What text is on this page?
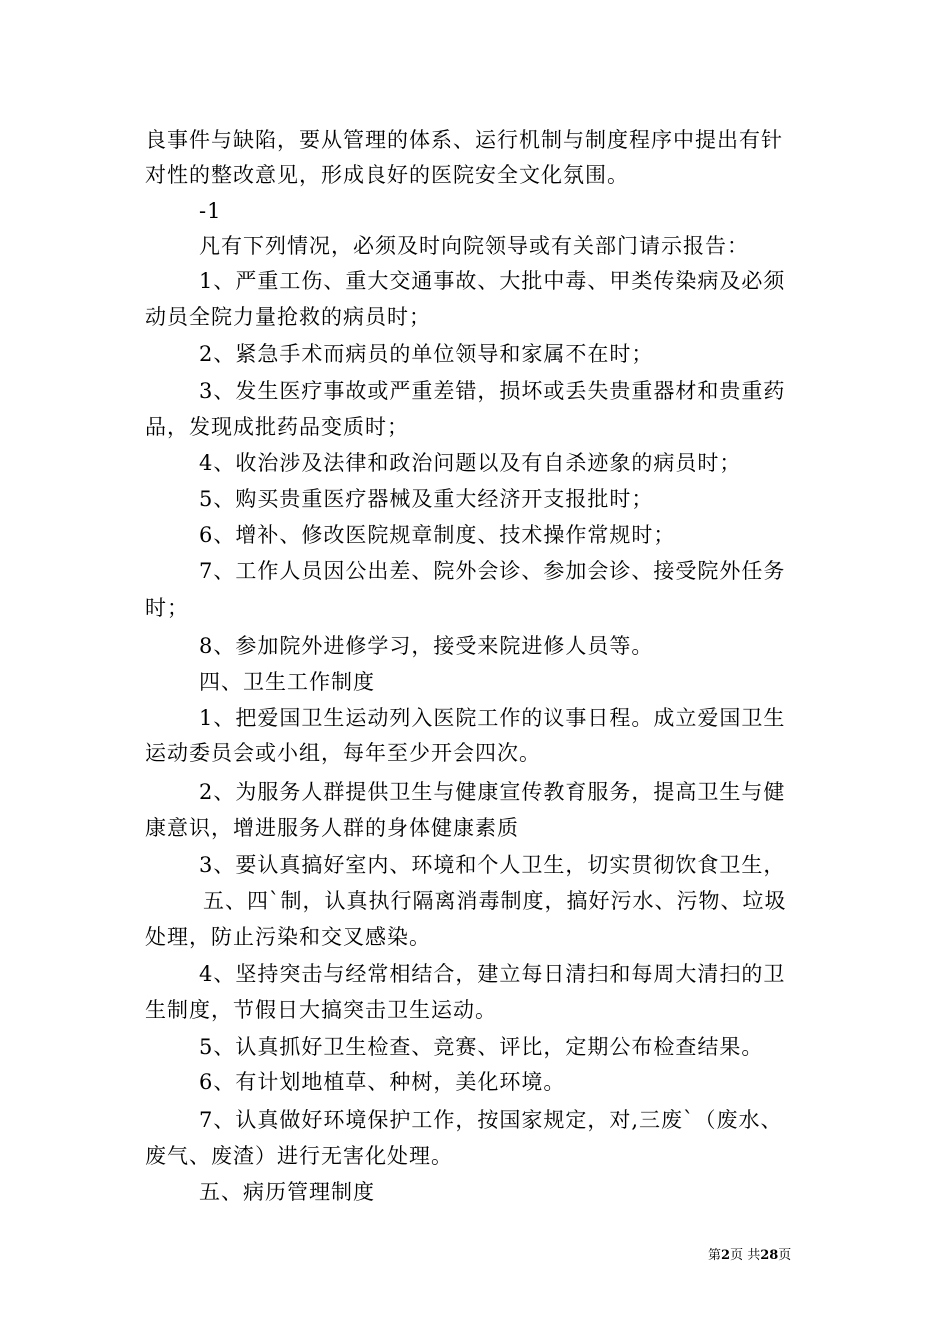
良事件与缺陷，要从管理的体系、运行机制与制度程序中提出有针
对性的整改意见，形成良好的医院安全文化氛围。
-1
凡有下列情况，必须及时向院领导或有关部门请示报告：
1、严重工伤、重大交通事故、大批中毒、甲类传染病及必须
动员全院力量抢救的病员时；
2、紧急手术而病员的单位领导和家属不在时；
3、发生医疗事故或严重差错，损坏或丢失贵重器材和贵重药
品，发现成批药品变质时；
4、收治涉及法律和政治问题以及有自杀迹象的病员时；
5、购买贵重医疗器械及重大经济开支报批时；
6、增补、修改医院规章制度、技术操作常规时；
7、工作人员因公出差、院外会诊、参加会诊、接受院外任务
时；
8、参加院外进修学习，接受来院进修人员等。
四、卫生工作制度
1、把爱国卫生运动列入医院工作的议事日程。成立爱国卫生
运动委员会或小组，每年至少开会四次。
2、为服务人群提供卫生与健康宣传教育服务，提高卫生与健
康意识，增进服务人群的身体健康素质
3、要认真搞好室内、环境和个人卫生，切实贯彻饮食卫生，
五、四`制，认真执行隔离消毒制度，搞好污水、污物、垃圾
处理，防止污染和交叉感染。
4、坚持突击与经常相结合，建立每日清扫和每周大清扫的卫
生制度，节假日大搞突击卫生运动。
5、认真抓好卫生检查、竞赛、评比，定期公布检查结果。
6、有计划地植草、种树，美化环境。
7、认真做好环境保护工作，按国家规定，对,三废`（废水、
废气、废渣）进行无害化处理。
五、病历管理制度
第2页 共28页
